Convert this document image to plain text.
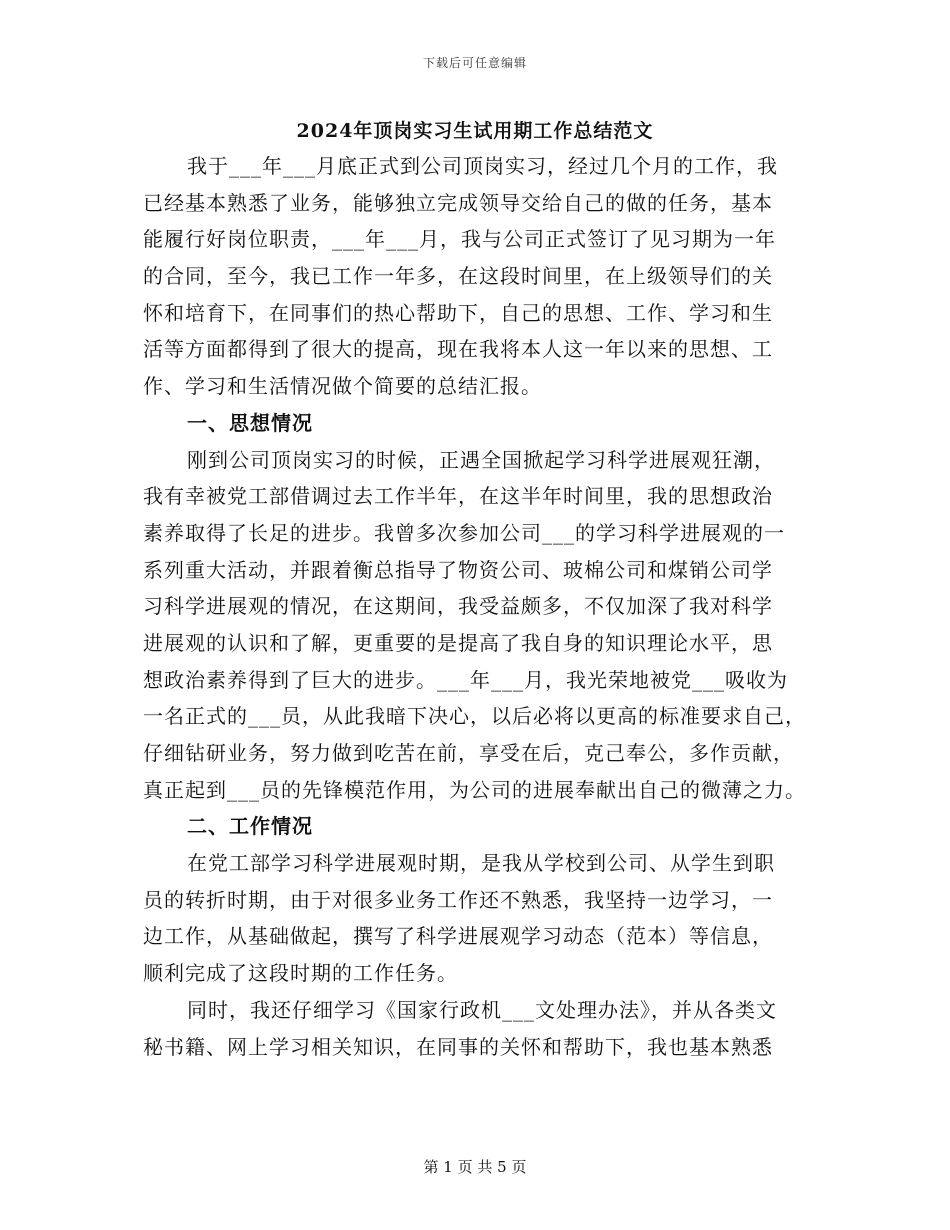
下载后可任意编辑
2024年顶岗实习生试用期工作总结范文
我于___年___月底正式到公司顶岗实习，经过几个月的工作，我
已经基本熟悉了业务，能够独立完成领导交给自己的做的任务，基本
能履行好岗位职责，___年___月，我与公司正式签订了见习期为一年
的合同，至今，我已工作一年多，在这段时间里，在上级领导们的关
怀和培育下，在同事们的热心帮助下，自己的思想、工作、学习和生
活等方面都得到了很大的提高，现在我将本人这一年以来的思想、工
作、学习和生活情况做个简要的总结汇报。
一、思想情况
刚到公司顶岗实习的时候，正遇全国掀起学习科学进展观狂潮，
我有幸被党工部借调过去工作半年，在这半年时间里，我的思想政治
素养取得了长足的进步。我曾多次参加公司___的学习科学进展观的一
系列重大活动，并跟着衡总指导了物资公司、玻棉公司和煤销公司学
习科学进展观的情况，在这期间，我受益颇多，不仅加深了我对科学
进展观的认识和了解，更重要的是提高了我自身的知识理论水平，思
想政治素养得到了巨大的进步。___年___月，我光荣地被党___吸收为
一名正式的___员，从此我暗下决心，以后必将以更高的标准要求自己，
仔细钻研业务，努力做到吃苦在前，享受在后，克己奉公，多作贡献，
真正起到___员的先锋模范作用，为公司的进展奉献出自己的微薄之力。
二、工作情况
在党工部学习科学进展观时期，是我从学校到公司、从学生到职
员的转折时期，由于对很多业务工作还不熟悉，我坚持一边学习，一
边工作，从基础做起，撰写了科学进展观学习动态（范本）等信息，
顺利完成了这段时期的工作任务。
同时，我还仔细学习《国家行政机___文处理办法》，并从各类文
秘书籍、网上学习相关知识，在同事的关怀和帮助下，我也基本熟悉
第 1 页 共 5 页
